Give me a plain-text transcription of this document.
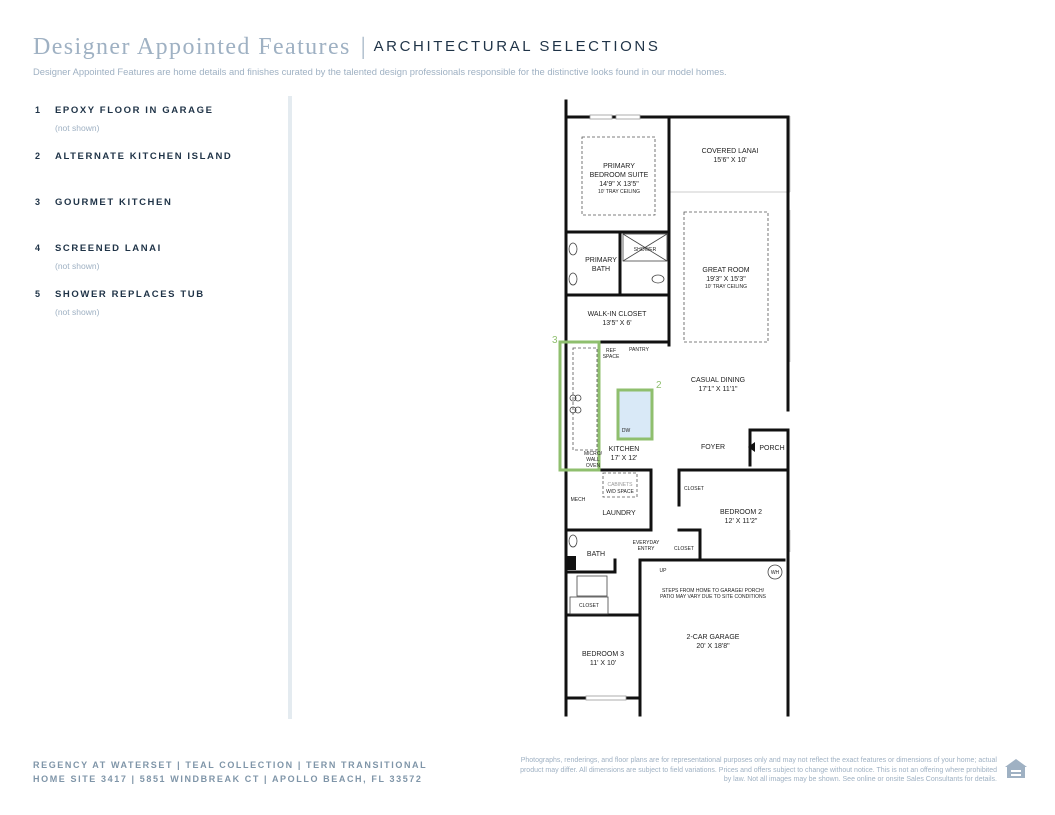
Designer Appointed Features | ARCHITECTURAL SELECTIONS
Designer Appointed Features are home details and finishes curated by the talented design professionals responsible for the distinctive looks found in our model homes.
1 EPOXY FLOOR IN GARAGE
(not shown)
2 ALTERNATE KITCHEN ISLAND
3 GOURMET KITCHEN
4 SCREENED LANAI
(not shown)
5 SHOWER REPLACES TUB
(not shown)
2
3
PRIMARY
BEDROOM SUITE
14'9" X 13'5"
10' TRAY CEILING
COVERED LANAI
15'6" X 10'
SHOWER
PRIMARY
BATH	GREAT ROOM
19'3" X 15'3"
10' TRAY CEILING
WALK-IN CLOSET
13'5" X 6'
REF
SPACE
PANTRY
CASUAL DINING
17'1" X 11'1"
DW
FOYER	PORCH
MICRO/
WALL
OVEN
KITCHEN
17' X 12'
CABINETS
W/D SPACE	CLOSET
MECH
LAUNDRY	BEDROOM 2
12' X 11'2"
BATH
EVERYDAY
ENTRY	CLOSET
UP	WH
STEPS FROM HOME TO GARAGE/ PORCH/
PATIO MAY VARY DUE TO SITE CONDITIONS
CLOSET
2-CAR GARAGE
20' X 18'8"
BEDROOM 3
11' X 10'
REGENCY AT WATERSET | TEAL COLLECTION | TERN TRANSITIONAL
HOME SITE 3417 | 5851 WINDBREAK CT | APOLLO BEACH, FL 33572
Photographs, renderings, and floor plans are for representational purposes only and may not reflect the exact features or dimensions of your home; actual product may differ. All dimensions are subject to field variations. Prices and offers subject to change without notice. This is not an offering where prohibited by law. Not all images may be shown. See online or onsite Sales Consultants for details.
